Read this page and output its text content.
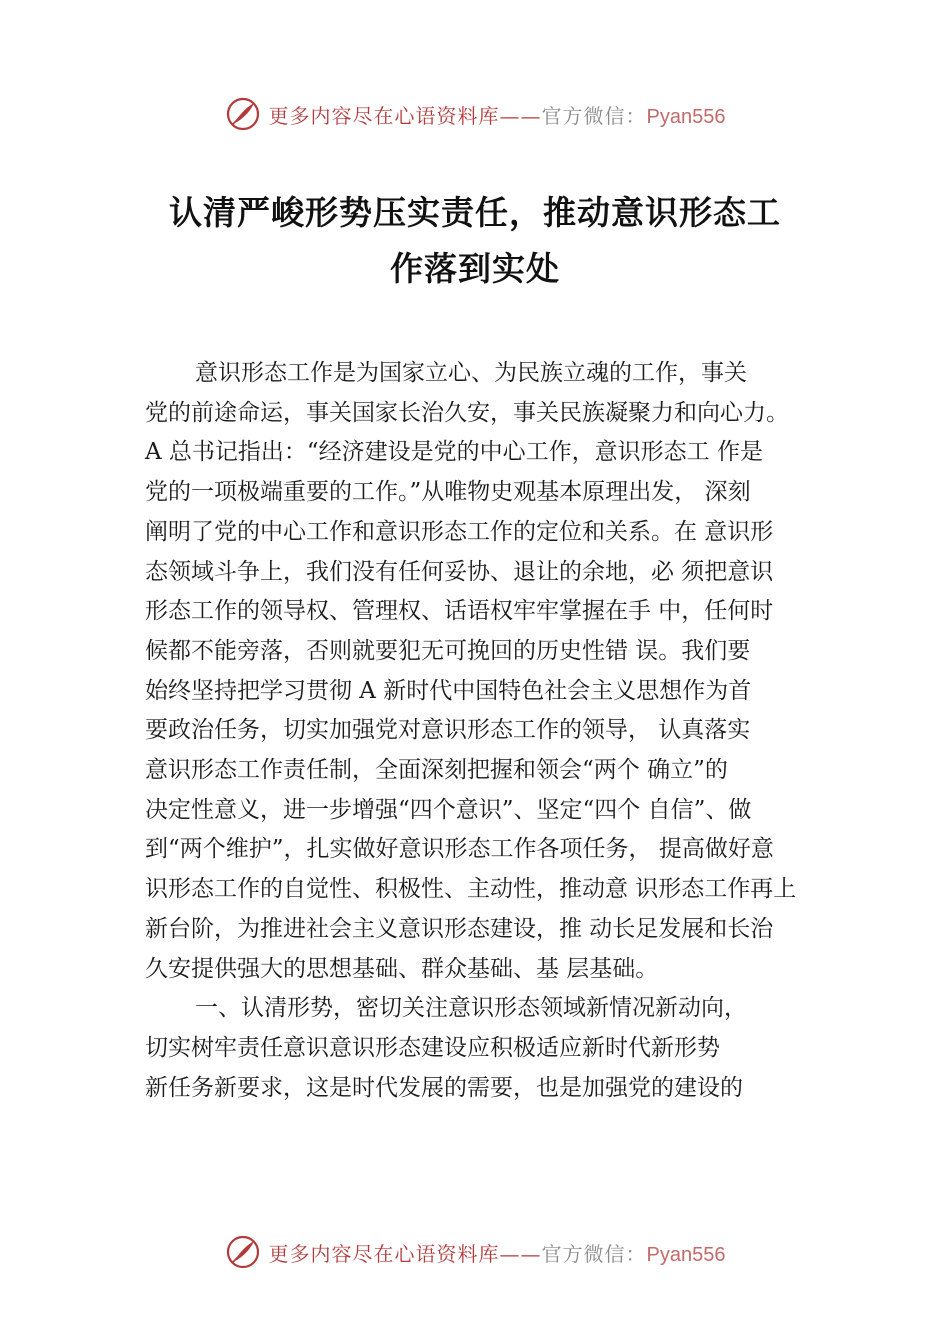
更多内容尽在心语资料库——官方微信：Pyan556
认清严峻形势压实责任，推动意识形态工
作落到实处
意识形态工作是为国家立心、为民族立魂的工作，事关
党的前途命运，事关国家长治久安，事关民族凝聚力和向心力。
A 总书记指出：“经济建设是党的中心工作，意识形态工 作是
党的一项极端重要的工作。”从唯物史观基本原理出发， 深刻
阐明了党的中心工作和意识形态工作的定位和关系。在 意识形
态领域斗争上，我们没有任何妥协、退让的余地，必 须把意识
形态工作的领导权、管理权、话语权牢牢掌握在手 中，任何时
候都不能旁落，否则就要犯无可挽回的历史性错 误。我们要
始终坚持把学习贯彻 A 新时代中国特色社会主义思想作为首
要政治任务，切实加强党对意识形态工作的领导， 认真落实
意识形态工作责任制，全面深刻把握和领会“两个 确立”的
决定性意义，进一步增强“四个意识”、坚定“四个 自信”、做
到“两个维护”，扎实做好意识形态工作各项任务， 提高做好意
识形态工作的自觉性、积极性、主动性，推动意 识形态工作再上
新台阶，为推进社会主义意识形态建设，推 动长足发展和长治
久安提供强大的思想基础、群众基础、基 层基础。
一、认清形势，密切关注意识形态领域新情况新动向，
切实树牢责任意识意识形态建设应积极适应新时代新形势
新任务新要求，这是时代发展的需要，也是加强党的建设的
更多内容尽在心语资料库——官方微信：Pyan556
